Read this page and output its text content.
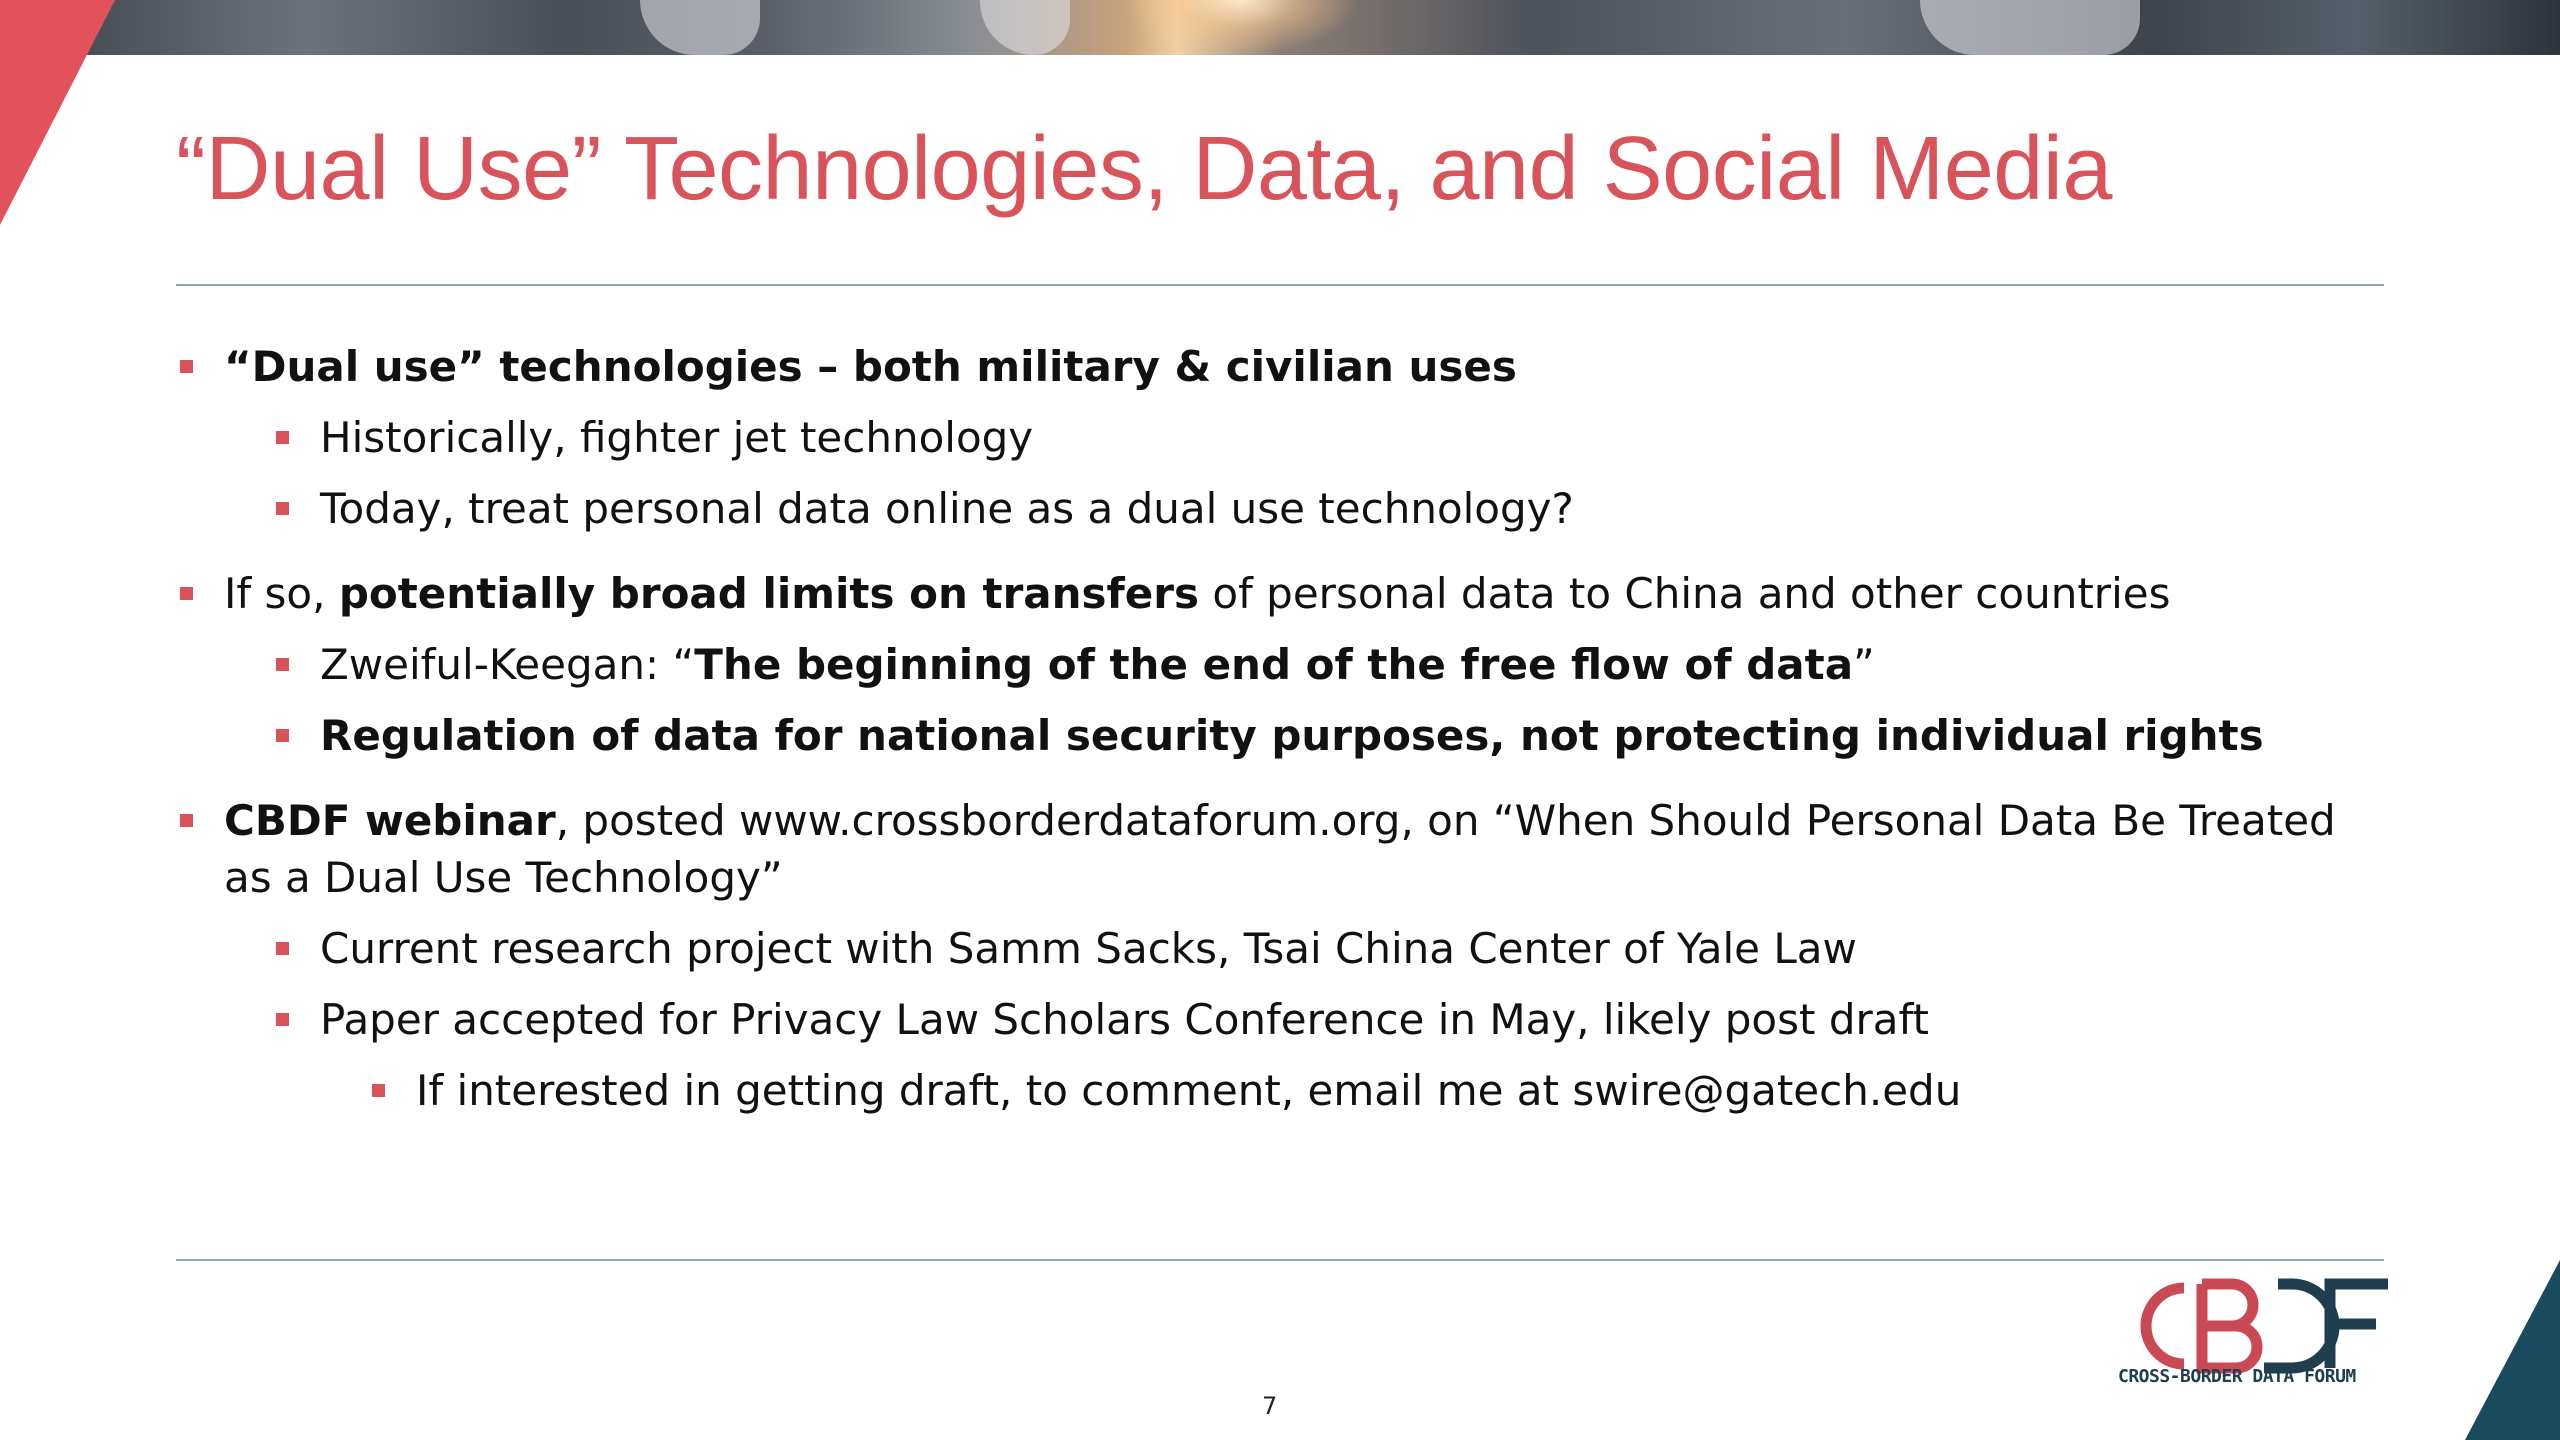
“Dual Use” Technologies, Data, and Social Media
“Dual use” technologies – both military & civilian uses
Historically, fighter jet technology
Today, treat personal data online as a dual use technology?
If so, potentially broad limits on transfers of personal data to China and other countries
Zweiful-Keegan: “The beginning of the end of the free flow of data”
Regulation of data for national security purposes, not protecting individual rights
CBDF webinar, posted www.crossborderdataforum.org, on “When Should Personal Data Be Treated as a Dual Use Technology”
Current research project with Samm Sacks, Tsai China Center of Yale Law
Paper accepted for Privacy Law Scholars Conference in May, likely post draft
If interested in getting draft, to comment, email me at swire@gatech.edu
CROSS-BORDER DATA FORUM
7
